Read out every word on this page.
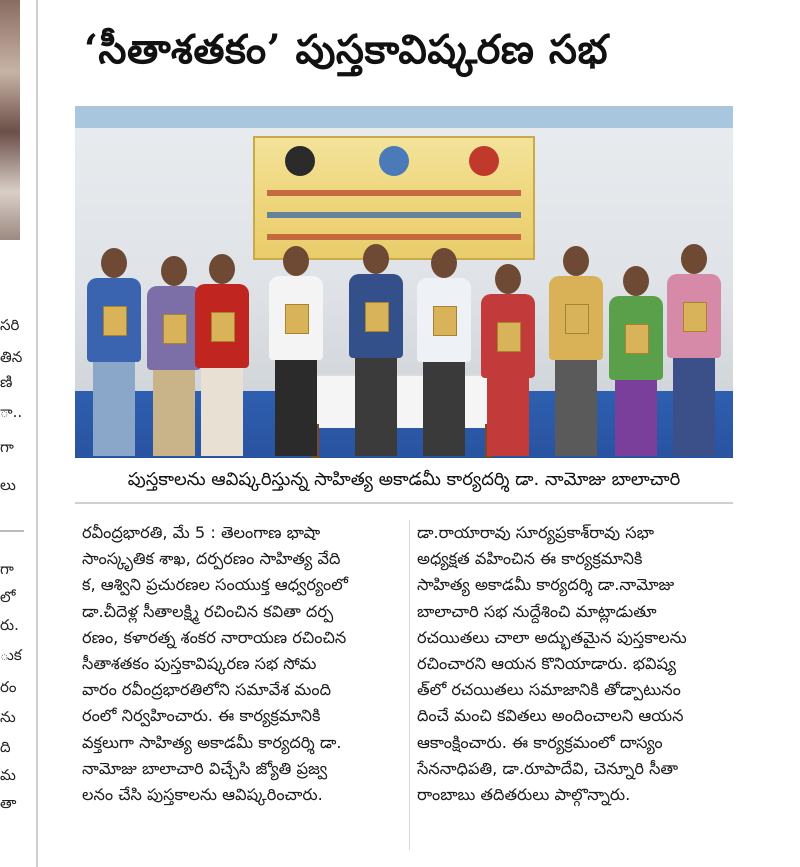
సరి
తిన
ణి
ా..
గా
లు
గా
లో
రు.
ుక
రం
ను
ది
మ
తా
‘సీతాశతకం’ పుస్తకావిష్కరణ సభ
పుస్తకాలను ఆవిష్కరిస్తున్న సాహిత్య అకాడమీ కార్యదర్శి డా. నామోజు బాలాచారి
రవీంద్రభారతి, మే 5 : తెలంగాణ భాషా
సాంస్కృతిక శాఖ, దర్పరణం సాహిత్య వేది
క, ఆశ్విని ప్రచురణల సంయుక్త ఆధ్వర్యంలో
డా.చీదెళ్ల సీతాలక్ష్మి రచించిన కవితా దర్ప
రణం, కళారత్న శంకర నారాయణ రచించిన
సీతాశతకం పుస్తకావిష్కరణ సభ సోమ
వారం రవీంద్రభారతిలోని సమావేశ మంది
రంలో నిర్వహించారు. ఈ కార్యక్రమానికి
వక్తలుగా సాహిత్య అకాడమీ కార్యదర్శి డా.
నామోజు బాలాచారి విచ్చేసి జ్యోతి ప్రజ్వ
లనం చేసి పుస్తకాలను ఆవిష్కరించారు.
డా.రాయారావు సూర్యప్రకాశ్‌రావు సభా
అధ్యక్షత వహించిన ఈ కార్యక్రమానికి
సాహిత్య అకాడమీ కార్యదర్శి డా.నామోజు
బాలాచారి సభ నుద్దేశించి మాట్లాడుతూ
రచయితలు చాలా అద్భుతమైన పుస్తకాలను
రచించారని ఆయన కొనియాడారు. భవిష్య
త్‌లో రచయితలు సమాజానికి తోడ్పాటునం
దించే మంచి కవితలు అందించాలని ఆయన
ఆకాంక్షించారు. ఈ కార్యక్రమంలో దాస్యం
సేననాధిపతి, డా.రూపాదేవి, చెన్నూరి సీతా
రాంబాబు తదితరులు పాల్గొన్నారు.
